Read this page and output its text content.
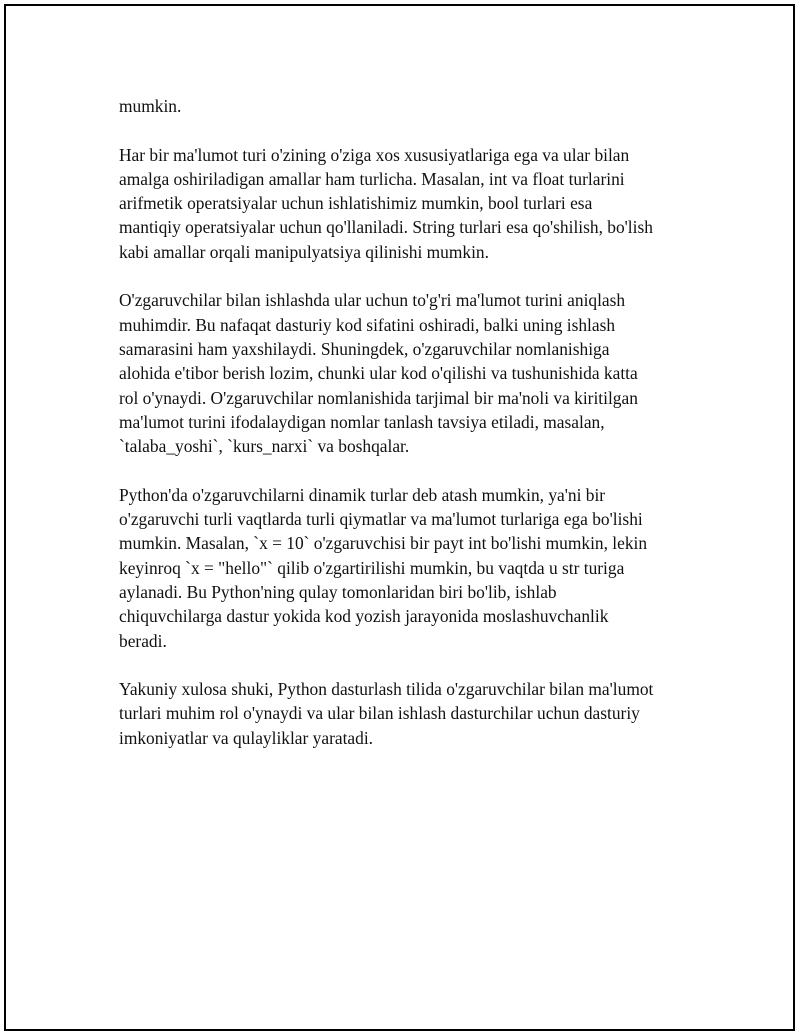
mumkin.

Har bir ma'lumot turi o'zining o'ziga xos xususiyatlariga ega va ular bilan
amalga oshiriladigan amallar ham turlicha. Masalan, int va float turlarini
arifmetik operatsiyalar uchun ishlatishimiz mumkin, bool turlari esa
mantiqiy operatsiyalar uchun qo'llaniladi. String turlari esa qo'shilish, bo'lish
kabi amallar orqali manipulyatsiya qilinishi mumkin.

O'zgaruvchilar bilan ishlashda ular uchun to'g'ri ma'lumot turini aniqlash
muhimdir. Bu nafaqat dasturiy kod sifatini oshiradi, balki uning ishlash
samarasini ham yaxshilaydi. Shuningdek, o'zgaruvchilar nomlanishiga
alohida e'tibor berish lozim, chunki ular kod o'qilishi va tushunishida katta
rol o'ynaydi. O'zgaruvchilar nomlanishida tarjimal bir ma'noli va kiritilgan
ma'lumot turini ifodalaydigan nomlar tanlash tavsiya etiladi, masalan,
`talaba_yoshi`, `kurs_narxi` va boshqalar.

Python'da o'zgaruvchilarni dinamik turlar deb atash mumkin, ya'ni bir
o'zgaruvchi turli vaqtlarda turli qiymatlar va ma'lumot turlariga ega bo'lishi
mumkin. Masalan, `x = 10` o'zgaruvchisi bir payt int bo'lishi mumkin, lekin
keyinroq `x = "hello"` qilib o'zgartirilishi mumkin, bu vaqtda u str turiga
aylanadi. Bu Python'ning qulay tomonlaridan biri bo'lib, ishlab
chiquvchilarga dastur yokida kod yozish jarayonida moslashuvchanlik
beradi.

Yakuniy xulosa shuki, Python dasturlash tilida o'zgaruvchilar bilan ma'lumot
turlari muhim rol o'ynaydi va ular bilan ishlash dasturchilar uchun dasturiy
imkoniyatlar va qulayliklar yaratadi.
